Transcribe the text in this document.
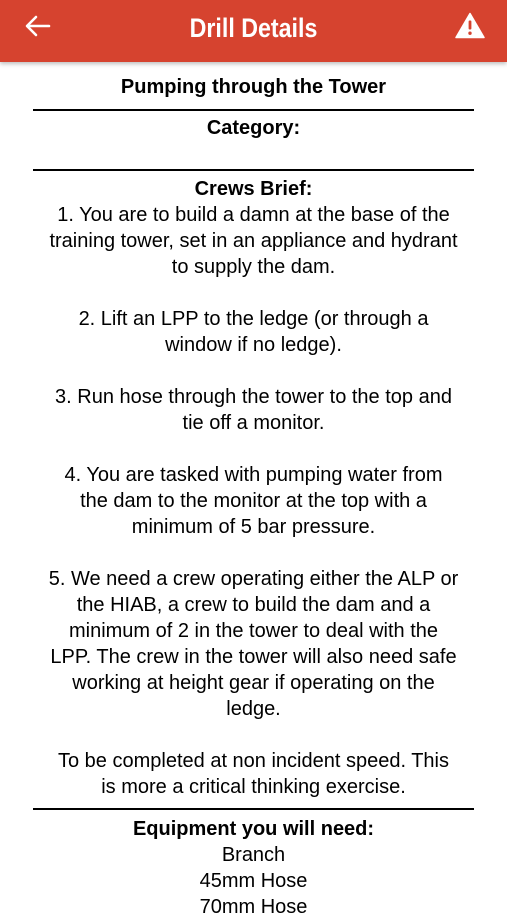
Drill Details
Pumping through the Tower
Category:
Crews Brief:
1. You are to build a damn at the base of the
training tower, set in an appliance and hydrant
to supply the dam.
2. Lift an LPP to the ledge (or through a
window if no ledge).
3. Run hose through the tower to the top and
tie off a monitor.
4. You are tasked with pumping water from
the dam to the monitor at the top with a
minimum of 5 bar pressure.
5. We need a crew operating either the ALP or
the HIAB, a crew to build the dam and a
minimum of 2 in the tower to deal with the
LPP. The crew in the tower will also need safe
working at height gear if operating on the
ledge.
To be completed at non incident speed. This
is more a critical thinking exercise.
Equipment you will need:
Branch
45mm Hose
70mm Hose
